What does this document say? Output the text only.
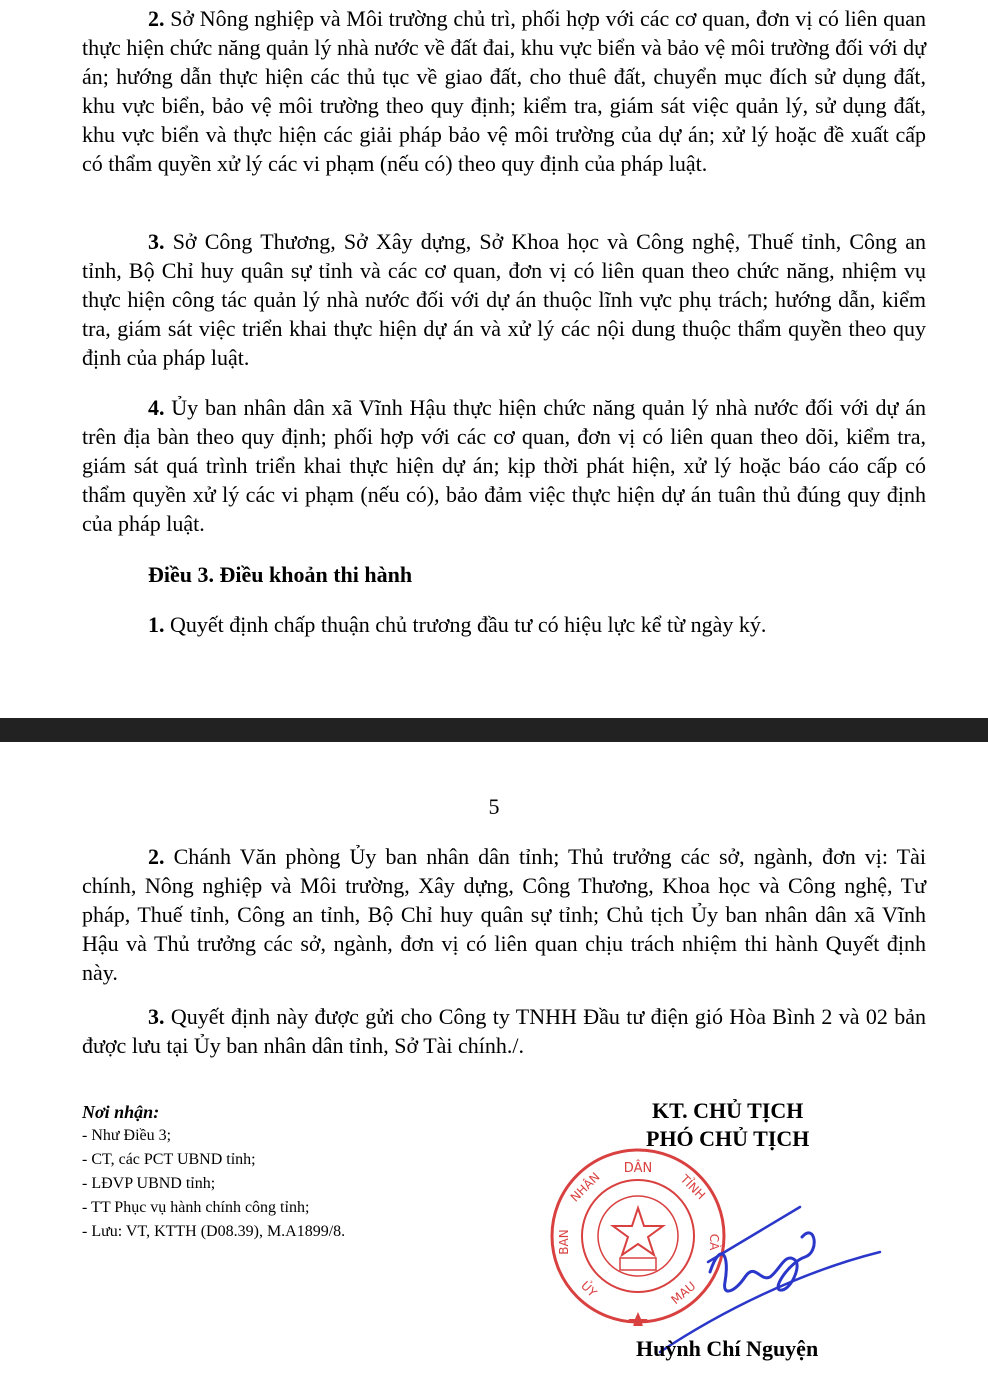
2. Sở Nông nghiệp và Môi trường chủ trì, phối hợp với các cơ quan, đơn vị có liên quan thực hiện chức năng quản lý nhà nước về đất đai, khu vực biển và bảo vệ môi trường đối với dự án; hướng dẫn thực hiện các thủ tục về giao đất, cho thuê đất, chuyển mục đích sử dụng đất, khu vực biển, bảo vệ môi trường theo quy định; kiểm tra, giám sát việc quản lý, sử dụng đất, khu vực biển và thực hiện các giải pháp bảo vệ môi trường của dự án; xử lý hoặc đề xuất cấp có thẩm quyền xử lý các vi phạm (nếu có) theo quy định của pháp luật.

3. Sở Công Thương, Sở Xây dựng, Sở Khoa học và Công nghệ, Thuế tỉnh, Công an tỉnh, Bộ Chỉ huy quân sự tỉnh và các cơ quan, đơn vị có liên quan theo chức năng, nhiệm vụ thực hiện công tác quản lý nhà nước đối với dự án thuộc lĩnh vực phụ trách; hướng dẫn, kiểm tra, giám sát việc triển khai thực hiện dự án và xử lý các nội dung thuộc thẩm quyền theo quy định của pháp luật.

4. Ủy ban nhân dân xã Vĩnh Hậu thực hiện chức năng quản lý nhà nước đối với dự án trên địa bàn theo quy định; phối hợp với các cơ quan, đơn vị có liên quan theo dõi, kiểm tra, giám sát quá trình triển khai thực hiện dự án; kịp thời phát hiện, xử lý hoặc báo cáo cấp có thẩm quyền xử lý các vi phạm (nếu có), bảo đảm việc thực hiện dự án tuân thủ đúng quy định của pháp luật.

Điều 3. Điều khoản thi hành

1. Quyết định chấp thuận chủ trương đầu tư có hiệu lực kể từ ngày ký.

5

2. Chánh Văn phòng Ủy ban nhân dân tỉnh; Thủ trưởng các sở, ngành, đơn vị: Tài chính, Nông nghiệp và Môi trường, Xây dựng, Công Thương, Khoa học và Công nghệ, Tư pháp, Thuế tỉnh, Công an tỉnh, Bộ Chỉ huy quân sự tỉnh; Chủ tịch Ủy ban nhân dân xã Vĩnh Hậu và Thủ trưởng các sở, ngành, đơn vị có liên quan chịu trách nhiệm thi hành Quyết định này.

3. Quyết định này được gửi cho Công ty TNHH Đầu tư điện gió Hòa Bình 2 và 02 bản được lưu tại Ủy ban nhân dân tỉnh, Sở Tài chính./.

Nơi nhận:
- Như Điều 3;
- CT, các PCT UBND tỉnh;
- LĐVP UBND tỉnh;
- TT Phục vụ hành chính công tỉnh;
- Lưu: VT, KTTH (D08.39), M.A1899/8.
KT. CHỦ TỊCH
PHÓ CHỦ TỊCH
DÂN
NHÂN
BAN
ỦY
TỈNH
CÀ
MAU
Huỳnh Chí Nguyện
